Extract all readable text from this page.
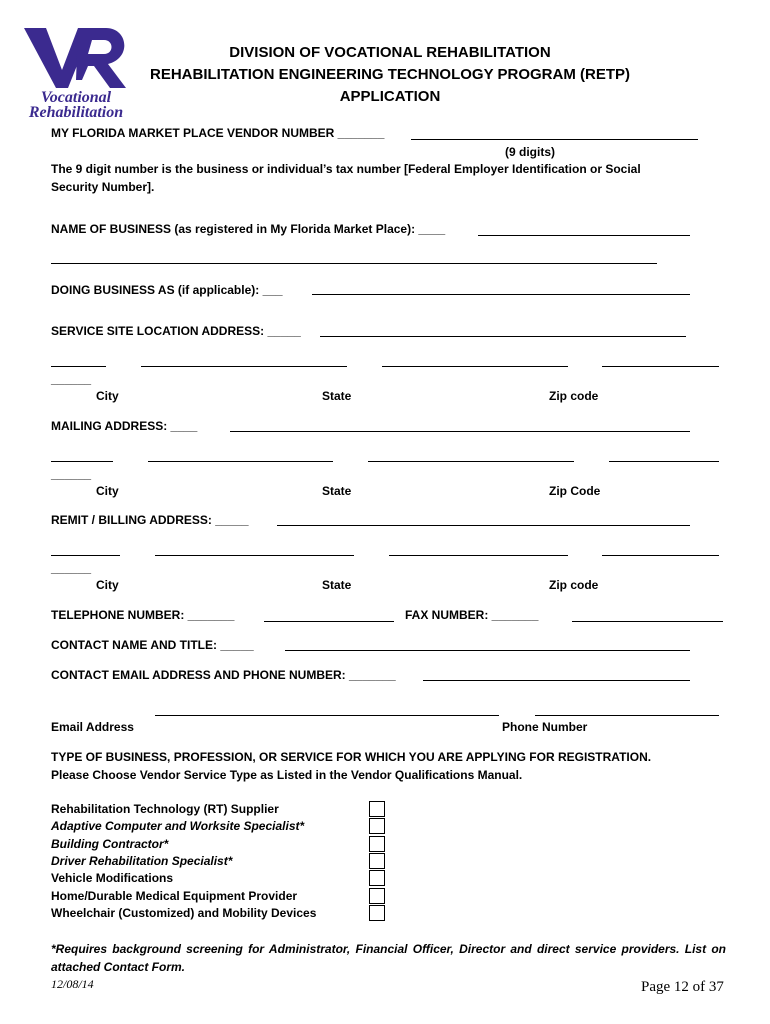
Vocational
Rehabilitation
DIVISION OF VOCATIONAL REHABILITATION
REHABILITATION ENGINEERING TECHNOLOGY PROGRAM (RETP)
APPLICATION
MY FLORIDA MARKET PLACE VENDOR NUMBER _______
(9 digits)
The 9 digit number is the business or individual’s tax number [Federal Employer Identification or Social
Security Number].
NAME OF BUSINESS (as registered in My Florida Market Place): ____
DOING BUSINESS AS (if applicable): ___
SERVICE SITE LOCATION ADDRESS: _____
______
City	State	Zip code
MAILING ADDRESS: ____
______
City	State	Zip Code
REMIT / BILLING ADDRESS: _____
______
City	State	Zip code
TELEPHONE NUMBER: _______	FAX NUMBER: _______
CONTACT NAME AND TITLE: _____
CONTACT EMAIL ADDRESS AND PHONE NUMBER: _______
Email Address	Phone Number
TYPE OF BUSINESS, PROFESSION, OR SERVICE FOR WHICH YOU ARE APPLYING FOR REGISTRATION.
Please Choose Vendor Service Type as Listed in the Vendor Qualifications Manual.
Rehabilitation Technology (RT) Supplier
Adaptive Computer and Worksite Specialist*
Building Contractor*
Driver Rehabilitation Specialist*
Vehicle Modifications
Home/Durable Medical Equipment Provider
Wheelchair (Customized) and Mobility Devices
*Requires background screening for Administrator, Financial Officer, Director and direct service providers. List on attached Contact Form.
12/08/14	Page 12 of 37
